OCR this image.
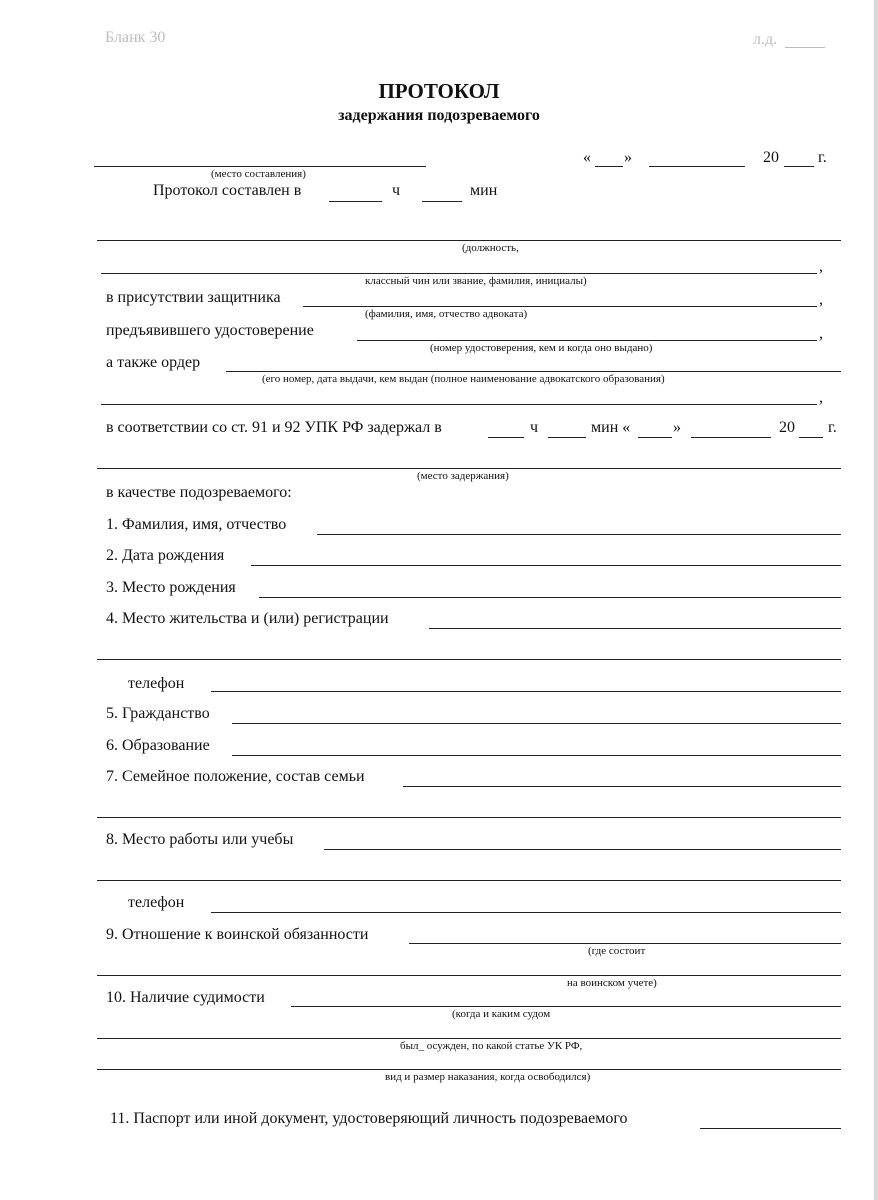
Бланк 30	л.д.
ПРОТОКОЛ
задержания подозреваемого
(место составления)
« »	20 г.
Протокол составлен в	ч	мин
(должность,
,
классный чин или звание, фамилия, инициалы)
в присутствии защитника	,
(фамилия, имя, отчество адвоката)
предъявившего удостоверение	,
(номер удостоверения, кем и когда оно выдано)
а также ордер
(его номер, дата выдачи, кем выдан (полное наименование адвокатского образования)
,
в соответствии со ст. 91 и 92 УПК РФ задержал в	ч	мин «	»	20 г.
(место задержания)
в качестве подозреваемого:
1. Фамилия, имя, отчество
2. Дата рождения
3. Место рождения
4. Место жительства и (или) регистрации
телефон
5. Гражданство
6. Образование
7. Семейное положение, состав семьи
8. Место работы или учебы
телефон
9. Отношение к воинской обязанности
(где состоит
на воинском учете)
10. Наличие судимости
(когда и каким судом
был_ осужден, по какой статье УК РФ,
вид и размер наказания, когда освободился)
11. Паспорт или иной документ, удостоверяющий личность подозреваемого
